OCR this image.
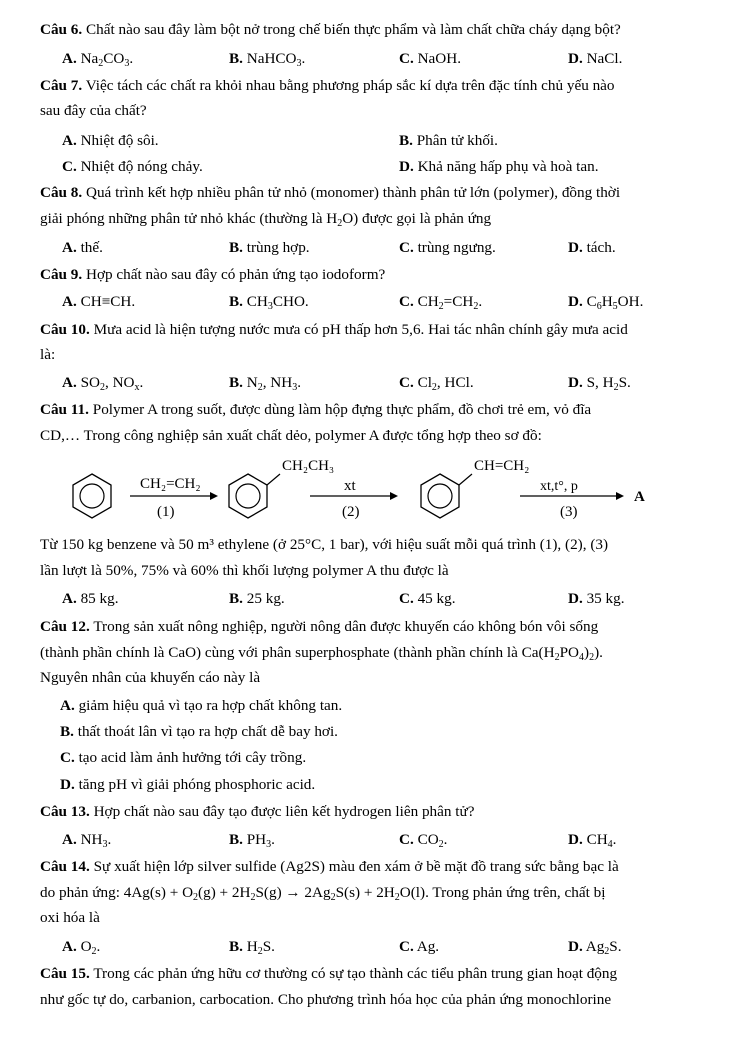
Câu 6. Chất nào sau đây làm bột nở trong chế biến thực phẩm và làm chất chữa cháy dạng bột?
A. $Na_2CO_3$.	B. NaHCO$_3$.	C. NaOH.	D. NaCl.
Câu 7. Việc tách các chất ra khỏi nhau bằng phương pháp sắc kí dựa trên đặc tính chủ yếu nào
sau đây của chất?
A. Nhiệt độ sôi.	B. Phân tử khối.
C. Nhiệt độ nóng chảy.	D. Khả năng hấp phụ và hoà tan.
Câu 8. Quá trình kết hợp nhiều phân tử nhỏ (monomer) thành phân tử lớn (polymer), đồng thời
giải phóng những phân tử nhỏ khác (thường là $H_2O$) được gọi là phản ứng
A. thế.	B. trùng hợp.	C. trùng ngưng.	D. tách.
Câu 9. Hợp chất nào sau đây có phản ứng tạo iodoform?
A. CH≡CH.	B. $CH_3CHO$.	C. $CH_2=CH_2$.	D. $C_6H_5OH$.
Câu 10. Mưa acid là hiện tượng nước mưa có pH thấp hơn 5,6. Hai tác nhân chính gây mưa acid
là:
A. $SO_2$, $NO_x$.	B. $N_2$, $NH_3$.	C. $Cl_2$, HCl.	D. S, $H_2S$.
Câu 11. Polymer A trong suốt, được dùng làm hộp đựng thực phẩm, đồ chơi trẻ em, vỏ đĩa
CD,… Trong công nghiệp sản xuất chất dẻo, polymer A được tổng hợp theo sơ đồ:
CH₂=CH₂
(1)
CH₂CH₃
xt
(2)
CH=CH₂
xt,t°, p
(3)
A
Từ 150 kg benzene và 50 m³ ethylene (ở 25°C, 1 bar), với hiệu suất mỗi quá trình (1), (2), (3)
lần lượt là 50%, 75% và 60% thì khối lượng polymer A thu được là
A. 85 kg.	B. 25 kg.	C. 45 kg.	D. 35 kg.
Câu 12. Trong sản xuất nông nghiệp, người nông dân được khuyến cáo không bón vôi sống
(thành phần chính là CaO) cùng với phân superphosphate (thành phần chính là $Ca(H_2PO_4)_2$).
Nguyên nhân của khuyến cáo này là
A. giảm hiệu quả vì tạo ra hợp chất không tan.
B. thất thoát lân vì tạo ra hợp chất dễ bay hơi.
C. tạo acid làm ảnh hưởng tới cây trồng.
D. tăng pH vì giải phóng phosphoric acid.
Câu 13. Hợp chất nào sau đây tạo được liên kết hydrogen liên phân tử?
A. $NH_3$.	B. $PH_3$.	C. $CO_2$.	D. $CH_4$.
Câu 14. Sự xuất hiện lớp silver sulfide (Ag2S) màu đen xám ở bề mặt đồ trang sức bằng bạc là
do phản ứng: $4Ag(s) + O_2(g) + 2H_2S(g) \to 2Ag_2S(s) + 2H_2O(l)$. Trong phản ứng trên, chất bị
oxi hóa là
A. $O_2$.	B. $H_2S$.	C. Ag.	D. $Ag_2S$.
Câu 15. Trong các phản ứng hữu cơ thường có sự tạo thành các tiểu phân trung gian hoạt động
như gốc tự do, carbanion, carbocation. Cho phương trình hóa học của phản ứng monochlorine
